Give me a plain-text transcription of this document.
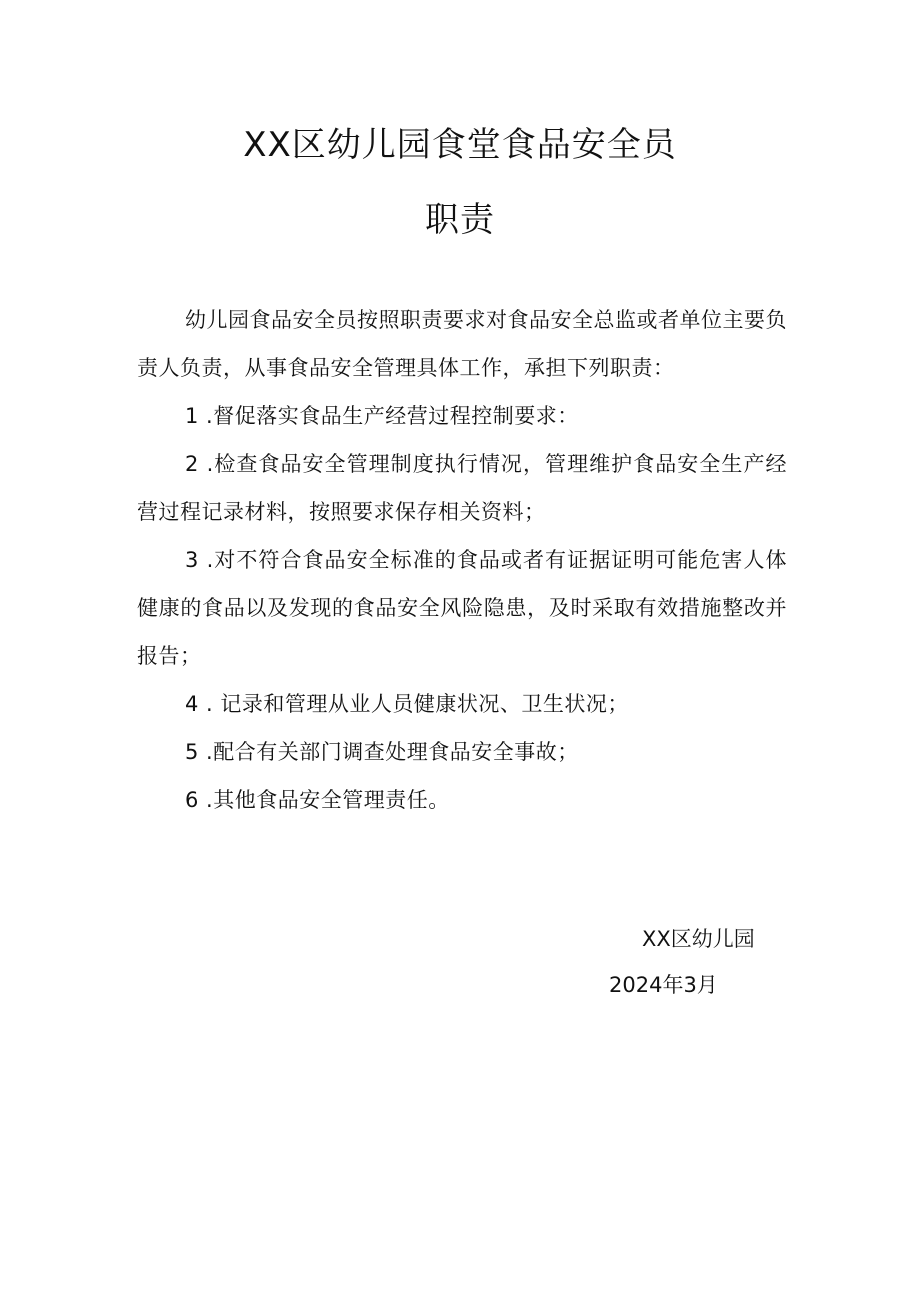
XX区幼儿园食堂食品安全员
职责

幼儿园食品安全员按照职责要求对食品安全总监或者单位主要负责人负责，从事食品安全管理具体工作，承担下列职责：

1 .督促落实食品生产经营过程控制要求：

2 .检查食品安全管理制度执行情况，管理维护食品安全生产经营过程记录材料，按照要求保存相关资料；

3 .对不符合食品安全标准的食品或者有证据证明可能危害人体健康的食品以及发现的食品安全风险隐患，及时采取有效措施整改并报告；

4 . 记录和管理从业人员健康状况、卫生状况；

5 .配合有关部门调查处理食品安全事故；

6 .其他食品安全管理责任。

XX区幼儿园
2024年3月
